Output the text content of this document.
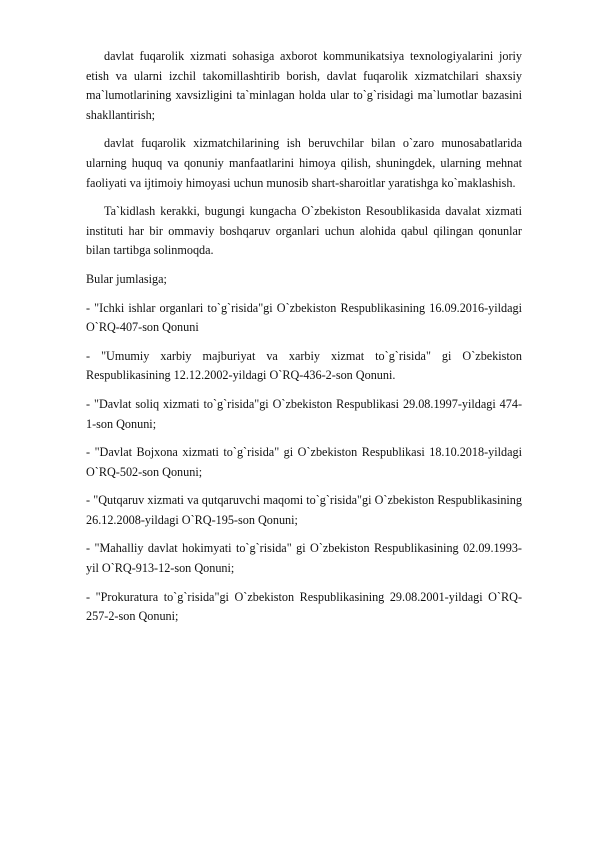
davlat fuqarolik xizmati sohasiga axborot kommunikatsiya texnologiyalarini joriy etish va ularni izchil takomillashtirib borish, davlat fuqarolik xizmatchilari shaxsiy ma`lumotlarining xavsizligini ta`minlagan holda ular to`g`risidagi ma`lumotlar bazasini shakllantirish;

davlat fuqarolik xizmatchilarining ish beruvchilar bilan o`zaro munosabatlarida ularning huquq va qonuniy manfaatlarini himoya qilish, shuningdek, ularning mehnat faoliyati va ijtimoiy himoyasi uchun munosib shart-sharoitlar yaratishga ko`maklashish.

Ta`kidlash kerakki, bugungi kungacha O`zbekiston Resoublikasida davalat xizmati instituti har bir ommaviy boshqaruv organlari uchun alohida qabul qilingan qonunlar bilan tartibga solinmoqda.

Bular jumlasiga;

- "Ichki ishlar organlari to`g`risida"gi O`zbekiston Respublikasining 16.09.2016-yildagi O`RQ-407-son Qonuni

- "Umumiy xarbiy majburiyat va xarbiy xizmat to`g`risida" gi O`zbekiston Respublikasining 12.12.2002-yildagi O`RQ-436-2-son Qonuni.

- "Davlat soliq xizmati to`g`risida"gi O`zbekiston Respublikasi 29.08.1997-yildagi 474-1-son Qonuni;

- "Davlat Bojxona xizmati to`g`risida" gi O`zbekiston Respublikasi 18.10.2018-yildagi O`RQ-502-son Qonuni;

- "Qutqaruv xizmati va qutqaruvchi maqomi to`g`risida"gi O`zbekiston Respublikasining 26.12.2008-yildagi O`RQ-195-son Qonuni;

- "Mahalliy davlat hokimyati to`g`risida" gi O`zbekiston Respublikasining 02.09.1993-yil O`RQ-913-12-son Qonuni;

- "Prokuratura to`g`risida"gi O`zbekiston Respublikasining 29.08.2001-yildagi O`RQ-257-2-son Qonuni;
